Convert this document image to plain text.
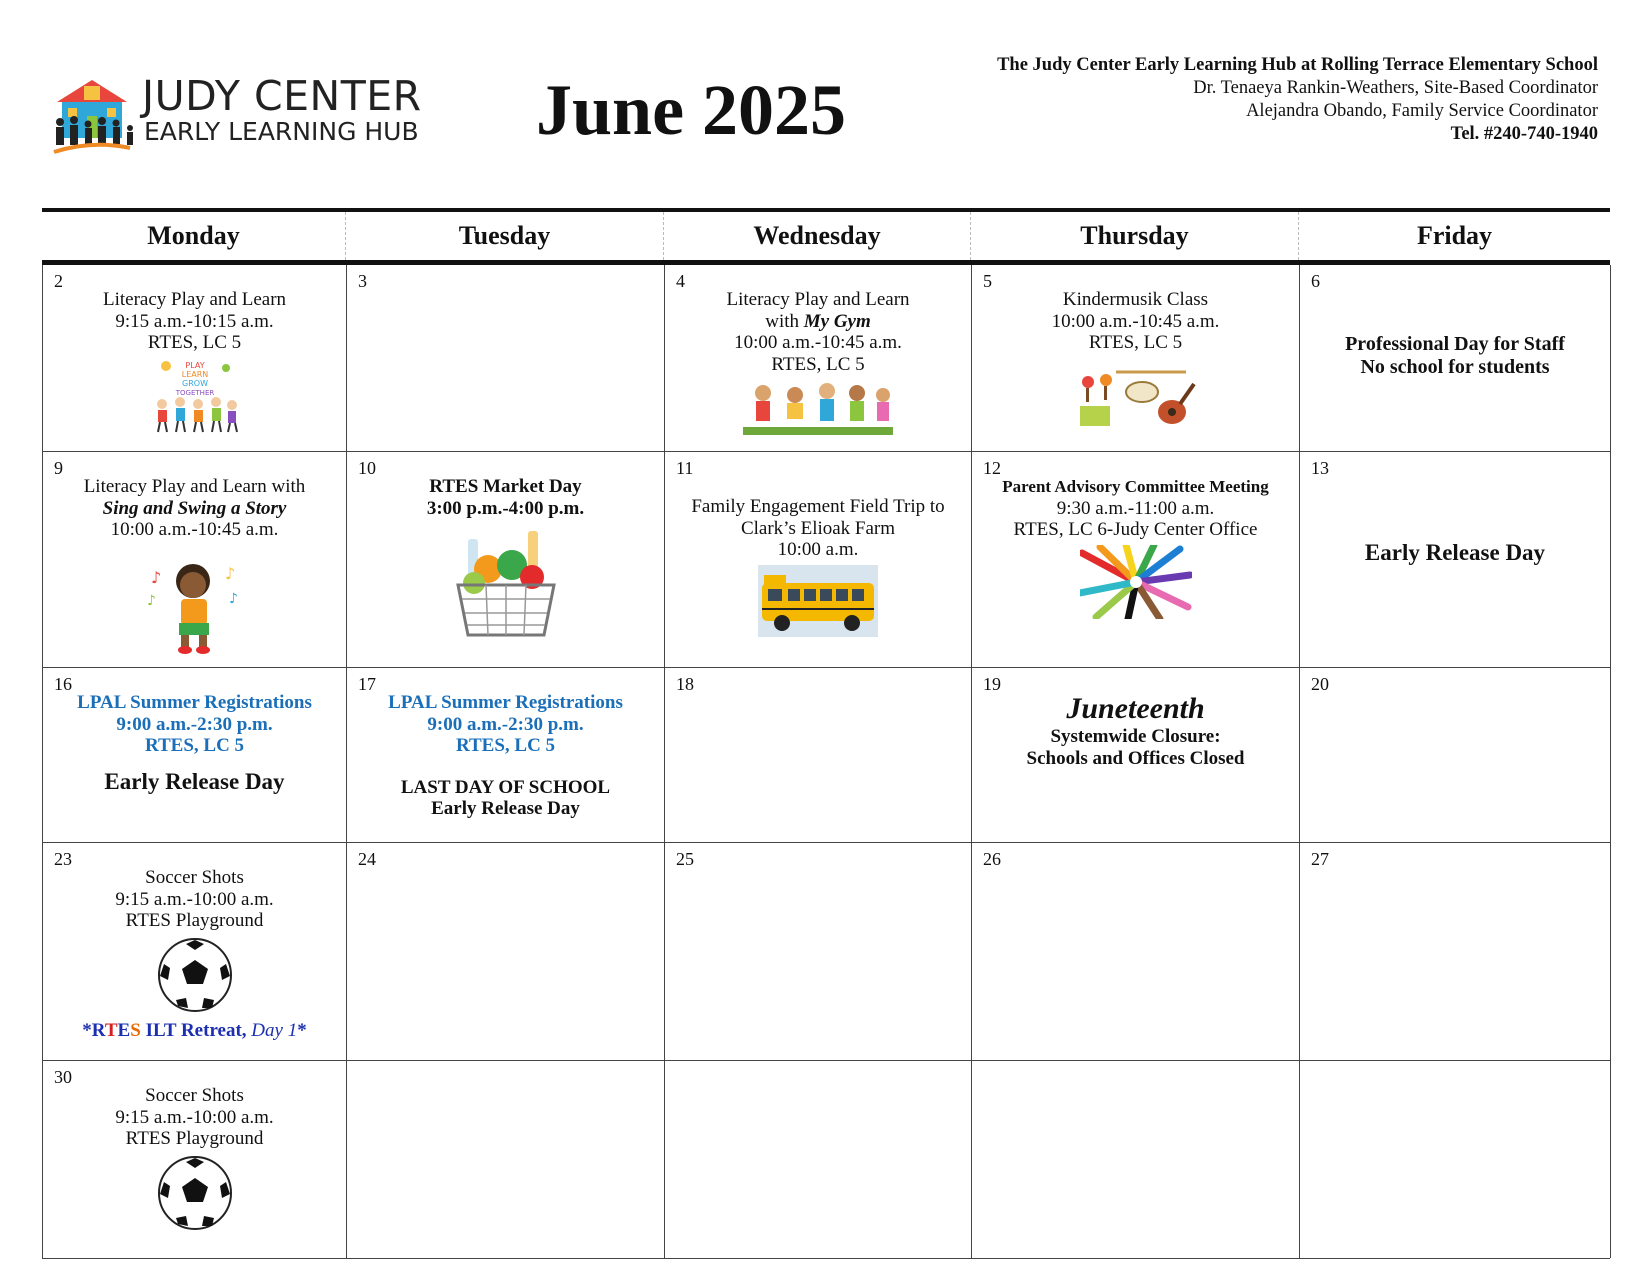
JUDY CENTER
EARLY LEARNING HUB June 2025
The Judy Center Early Learning Hub at Rolling Terrace Elementary School
Dr. Tenaeya Rankin-Weathers, Site-Based Coordinator
Alejandra Obando, Family Service Coordinator
Tel. #240-740-1940
Monday	Tuesday	Wednesday	Thursday	Friday
2
Literacy Play and Learn
9:15 a.m.-10:15 a.m.
RTES, LC 5
PLAY
LEARN
GROW
TOGETHER
3	4
Literacy Play and Learn
with My Gym
10:00 a.m.-10:45 a.m.
RTES, LC 5
5
Kindermusik Class
10:00 a.m.-10:45 a.m.
RTES, LC 5
6
Professional Day for Staff
No school for students
9
Literacy Play and Learn with
Sing and Swing a Story
10:00 a.m.-10:45 a.m.
♪	♪
♪
♪
10
RTES Market Day
3:00 p.m.-4:00 p.m.
11
Family Engagement Field Trip to
Clark’s Elioak Farm
10:00 a.m.
12
Parent Advisory Committee Meeting
9:30 a.m.-11:00 a.m.
RTES, LC 6-Judy Center Office
13
Early Release Day
16
LPAL Summer Registrations
9:00 a.m.-2:30 p.m.
RTES, LC 5
Early Release Day
17
LPAL Summer Registrations
9:00 a.m.-2:30 p.m.
RTES, LC 5
LAST DAY OF SCHOOL
Early Release Day
18	19
Juneteenth
Systemwide Closure:
Schools and Offices Closed
20
23
Soccer Shots
9:15 a.m.-10:00 a.m.
RTES Playground
*RTES ILT Retreat, Day 1*
24	25	26	27
30
Soccer Shots
9:15 a.m.-10:00 a.m.
RTES Playground
